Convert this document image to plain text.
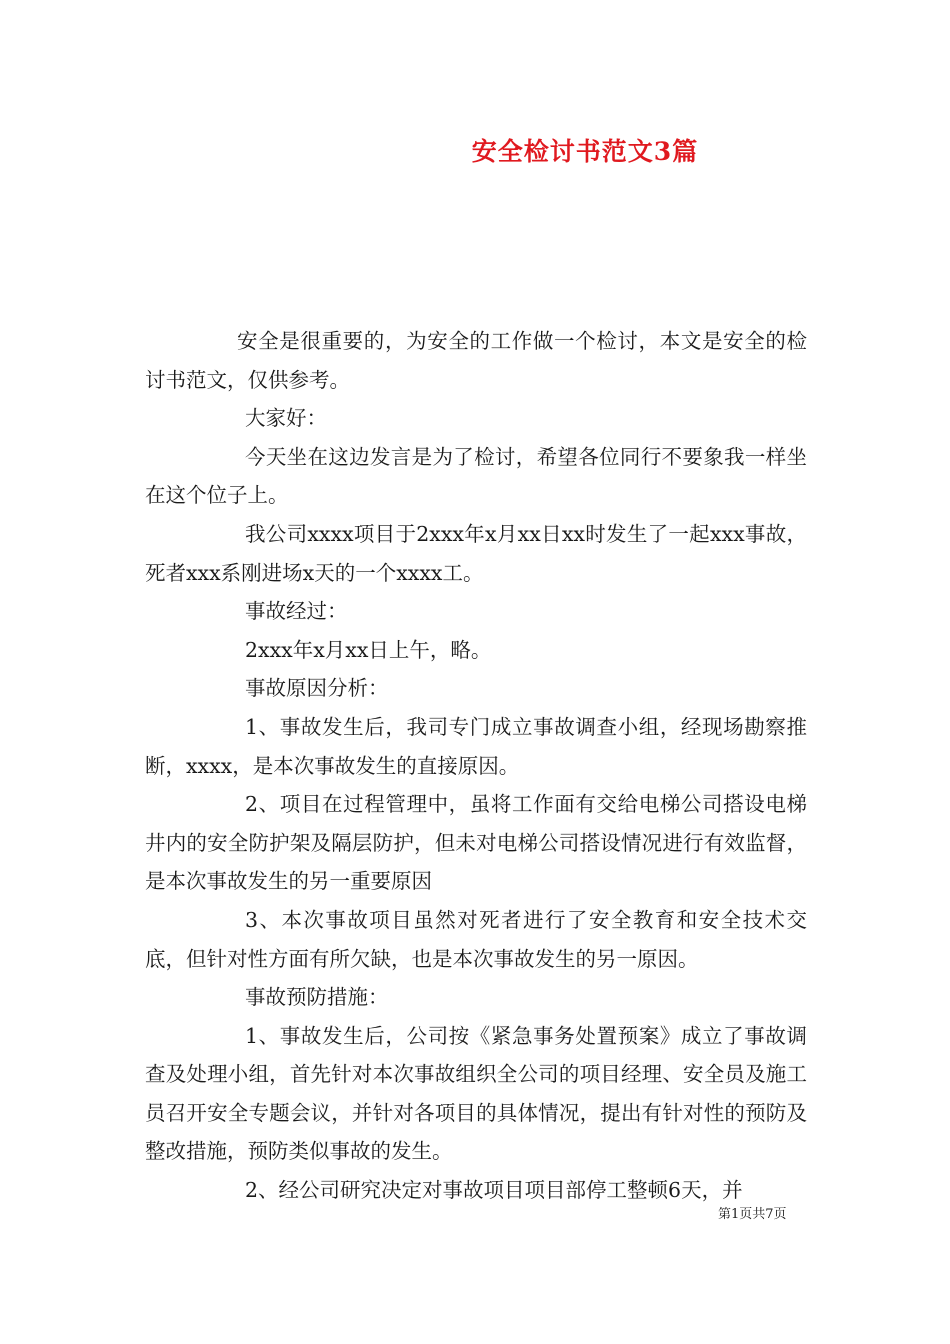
安全检讨书范文3篇

安全是很重要的，为安全的工作做一个检讨，本文是安全的检讨书范文，仅供参考。

大家好：

今天坐在这边发言是为了检讨，希望各位同行不要象我一样坐在这个位子上。

我公司xxxx项目于2xxx年x月xx日xx时发生了一起xxx事故，死者xxx系刚进场x天的一个xxxx工。

事故经过：

2xxx年x月xx日上午，略。

事故原因分析：

1、事故发生后，我司专门成立事故调查小组，经现场勘察推断，xxxx，是本次事故发生的直接原因。

2、项目在过程管理中，虽将工作面有交给电梯公司搭设电梯井内的安全防护架及隔层防护，但未对电梯公司搭设情况进行有效监督，是本次事故发生的另一重要原因

3、本次事故项目虽然对死者进行了安全教育和安全技术交底，但针对性方面有所欠缺，也是本次事故发生的另一原因。

事故预防措施：

1、事故发生后，公司按《紧急事务处置预案》成立了事故调查及处理小组，首先针对本次事故组织全公司的项目经理、安全员及施工员召开安全专题会议，并针对各项目的具体情况，提出有针对性的预防及整改措施，预防类似事故的发生。

2、经公司研究决定对事故项目项目部停工整顿6天，并

第1页共7页
